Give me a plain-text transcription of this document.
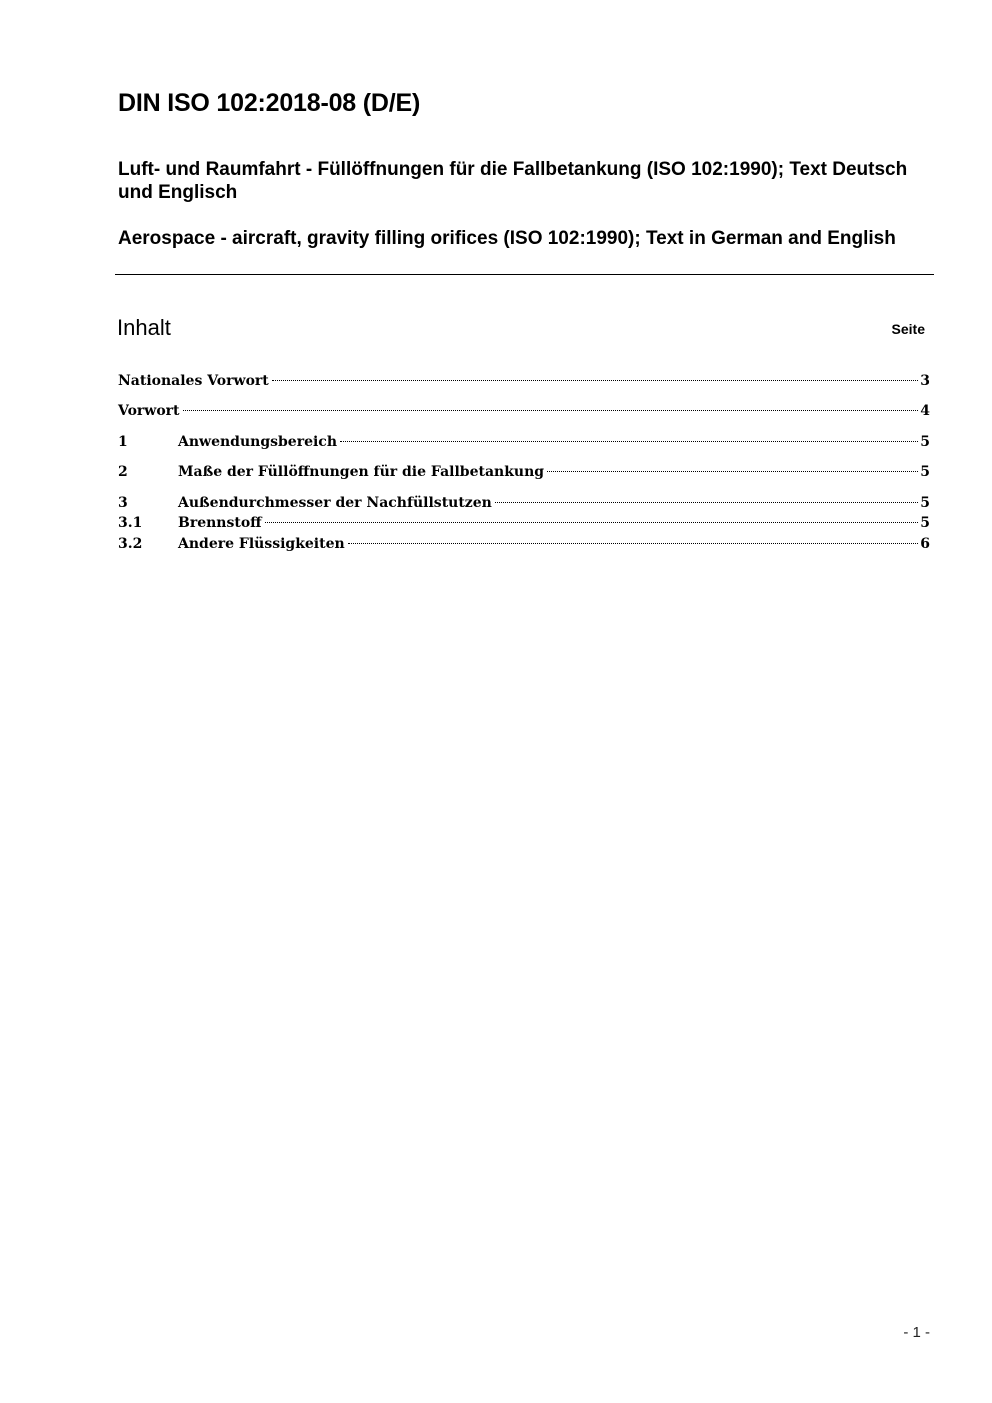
DIN ISO 102:2018-08 (D/E)
Luft- und Raumfahrt - Füllöffnungen für die Fallbetankung (ISO 102:1990); Text Deutsch und Englisch
Aerospace - aircraft, gravity filling orifices (ISO 102:1990); Text in German and English
Inhalt	Seite
Nationales Vorwort	3
Vorwort	4
1	Anwendungsbereich	5
2	Maße der Füllöffnungen für die Fallbetankung	5
3	Außendurchmesser der Nachfüllstutzen	5
3.1	Brennstoff	5
3.2	Andere Flüssigkeiten	6
- 1 -
